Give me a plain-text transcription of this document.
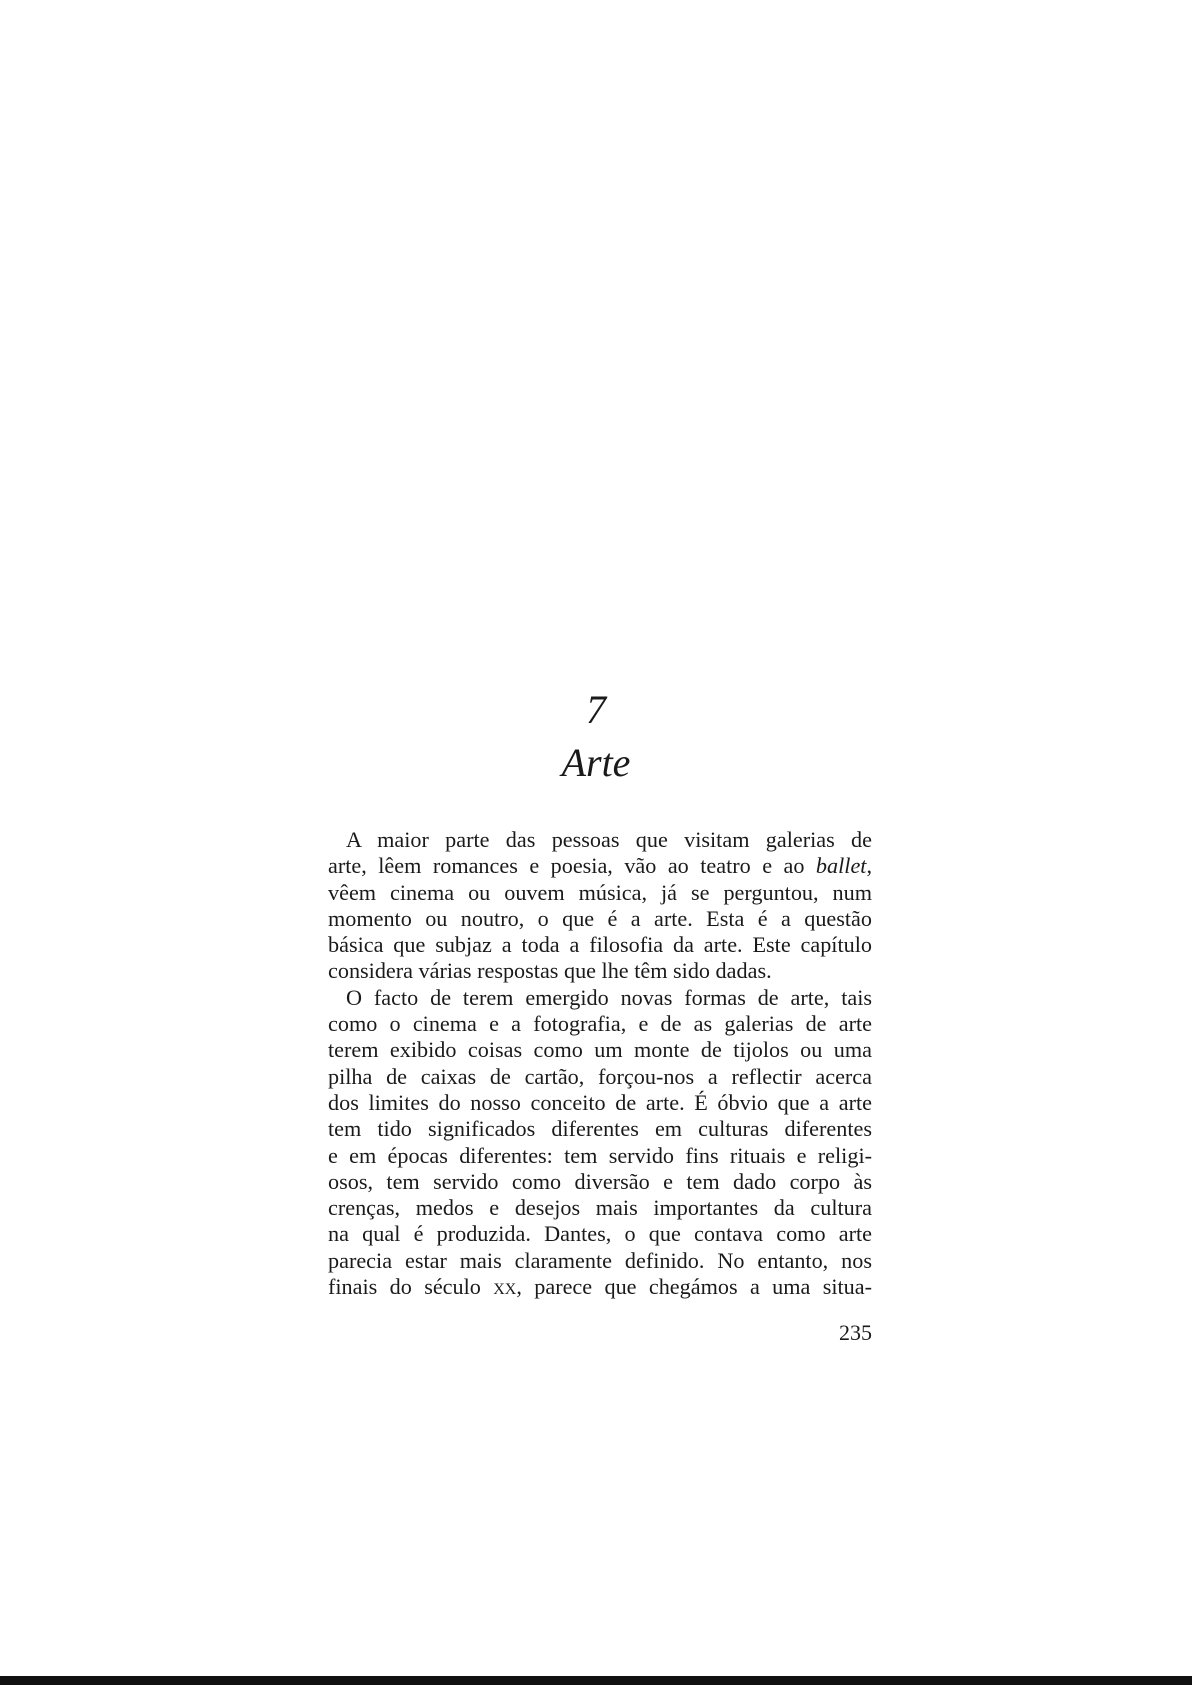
7
Arte
A maior parte das pessoas que visitam galerias de
arte, lêem romances e poesia, vão ao teatro e ao ballet,
vêem cinema ou ouvem música, já se perguntou, num
momento ou noutro, o que é a arte. Esta é a questão
básica que subjaz a toda a filosofia da arte. Este capítulo
considera várias respostas que lhe têm sido dadas.
O facto de terem emergido novas formas de arte, tais
como o cinema e a fotografia, e de as galerias de arte
terem exibido coisas como um monte de tijolos ou uma
pilha de caixas de cartão, forçou-nos a reflectir acerca
dos limites do nosso conceito de arte. É óbvio que a arte
tem tido significados diferentes em culturas diferentes
e em épocas diferentes: tem servido fins rituais e religi-
osos, tem servido como diversão e tem dado corpo às
crenças, medos e desejos mais importantes da cultura
na qual é produzida. Dantes, o que contava como arte
parecia estar mais claramente definido. No entanto, nos
finais do século xx, parece que chegámos a uma situa-
235
